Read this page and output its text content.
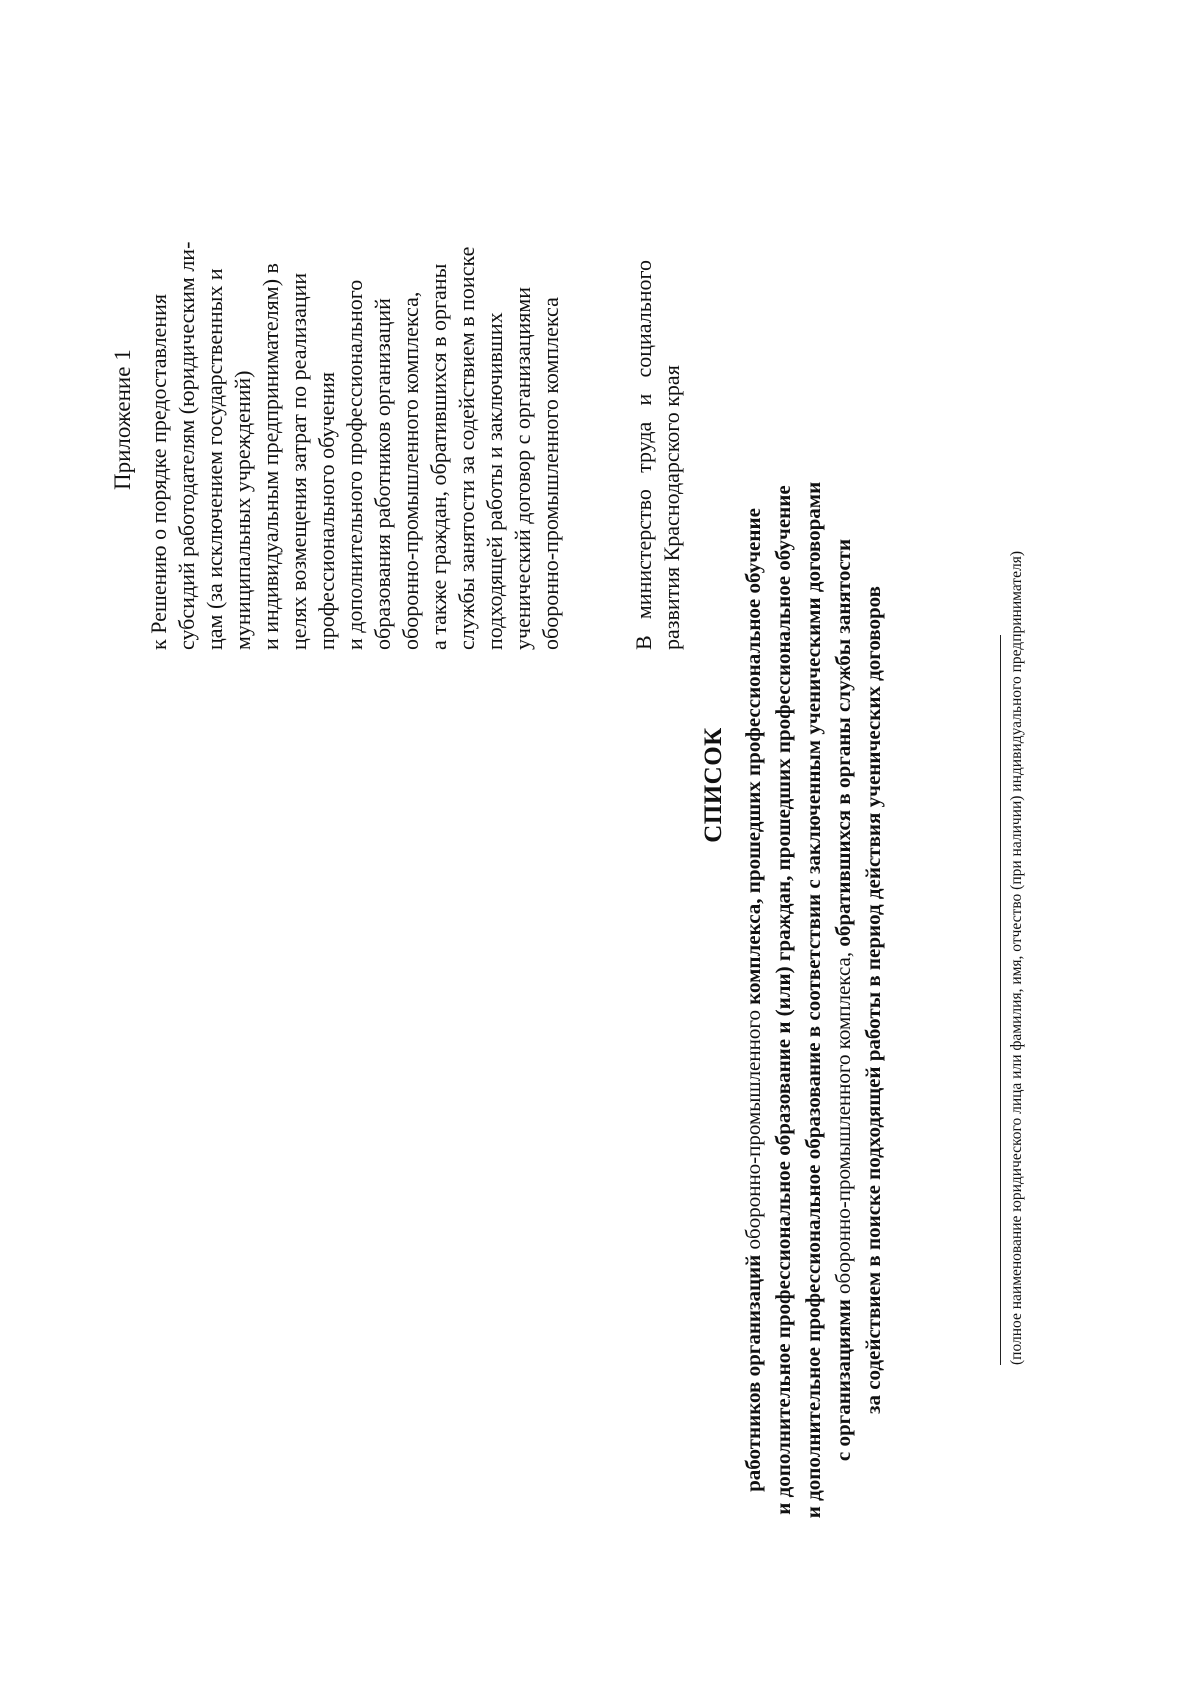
Приложение 1 к Решению о порядке предоставления субсидий работодателям (юридическим ли- цам (за исключением государственных и муниципальных учреждений) и индивидуальным предпринимателям) в целях возмещения затрат по реализации профессионального обучения и дополнительного профессионального образования работников организаций оборонно-промышленного комплекса, а также граждан, обратившихся в органы службы занятости за содействием в поиске подходящей работы и заключивших ученический договор с организациями оборонно-промышленного комплекса	В
министерство
труда
и
социального
развития Краснодарского края
СПИСОК
работников организаций оборонно-промышленного комплекса, прошедших профессиональное обучение и дополнительное профессиональное образование и (или) граждан, прошедших профессиональное обучение и дополнительное профессиональное образование в соответствии с заключенным ученическими договорами с организациями оборонно-промышленного комплекса, обратившихся в органы службы занятости за содействием в поиске подходящей работы в период действия ученических договоров	(полное наименование юридического лица или фамилия, имя, отчество (при наличии) индивидуального предпринимателя)
